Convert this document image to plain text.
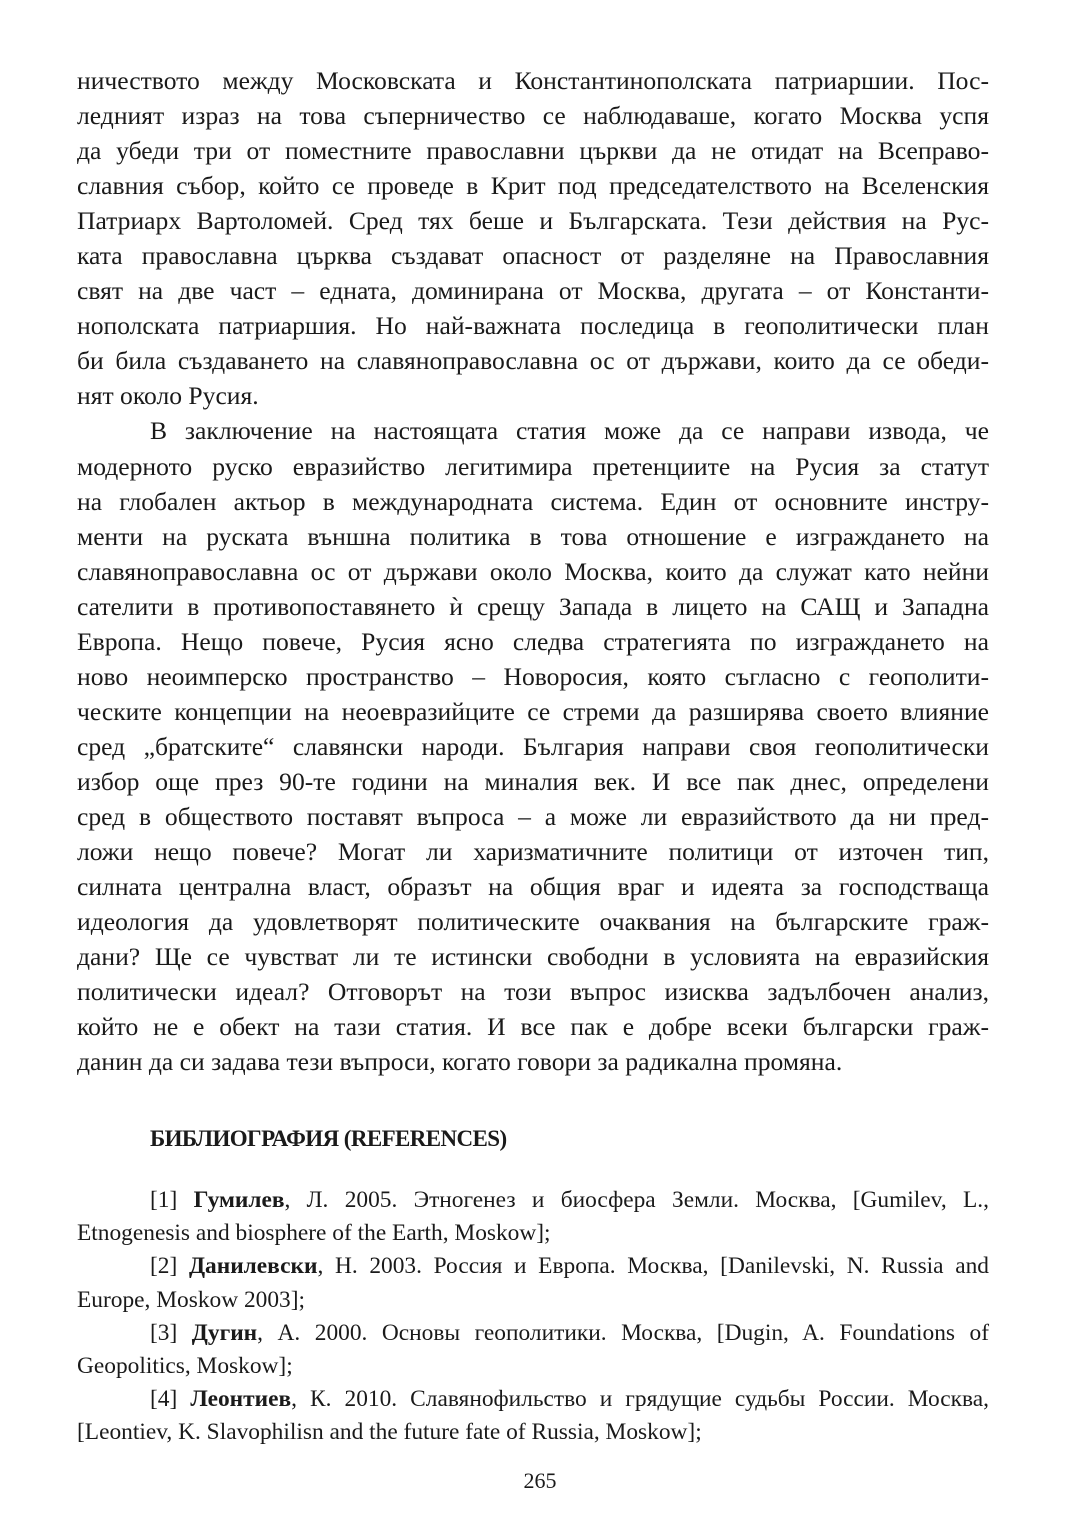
ничеството между Московската и Константинополската патриаршии. Пос-

ледният израз на това съперничество се наблюдаваше, когато Москва успя

да убеди три от поместните православни църкви да не отидат на Всеправо-

славния събор, който се проведе в Крит под председателството на Вселенския

Патриарх Вартоломей. Сред тях беше и Българската. Тези действия на Рус-

ката православна църква създават опасност от разделяне на Православния

свят на две част – едната, доминирана от Москва, другата – от Константи-

нополската патриаршия. Но най-важната последица в геополитически план

би била създаването на славяноправославна ос от държави, които да се обеди-

нят около Русия.

В заключение на настоящата статия може да се направи извода, че

модерното руско евразийство легитимира претенциите на Русия за статут

на глобален актьор в международната система. Един от основните инстру-

менти на руската външна политика в това отношение е изграждането на

славяноправославна ос от държави около Москва, които да служат като нейни

сателити в противопоставянето ѝ срещу Запада в лицето на САЩ и Западна

Европа. Нещо повече, Русия ясно следва стратегията по изграждането на

ново неоимперско пространство – Новоросия, която съгласно с геополити-

ческите концепции на неоевразийците се стреми да разширява своето влияние

сред „братските“ славянски народи. България направи своя геополитически

избор още през 90-те години на миналия век. И все пак днес, определени

сред в обществото поставят въпроса – а може ли евразийството да ни пред-

ложи нещо повече? Могат ли харизматичните политици от източен тип,

силната централна власт, образът на общия враг и идеята за господстваща

идеология да удовлетворят политическите очаквания на българските граж-

дани? Ще се чувстват ли те истински свободни в условията на евразийския

политически идеал? Отговорът на този въпрос изисква задълбочен анализ,

който не е обект на тази статия. И все пак е добре всеки български граж-

данин да си задава тези въпроси, когато говори за радикална промяна.

БИБЛИОГРАФИЯ (REFERENCES)

[1] Гумилев, Л. 2005. Этногенез и биосфера Земли. Москва, [Gumilev, L.,

Etnogenesis and biosphere of the Earth, Moskow];

[2] Данилевски, Н. 2003. Россия и Европа. Москва, [Danilevski, N. Russia and

Europe, Moskow 2003];

[3] Дугин, А. 2000. Основы геополитики. Москва, [Dugin, A. Foundations of

Geopolitics, Moskow];

[4] Леонтиев, К. 2010. Славянофильство и грядущие судьбы России. Москва,

[Leontiev, K. Slavophilisn and the future fate of Russia, Moskow];

265
